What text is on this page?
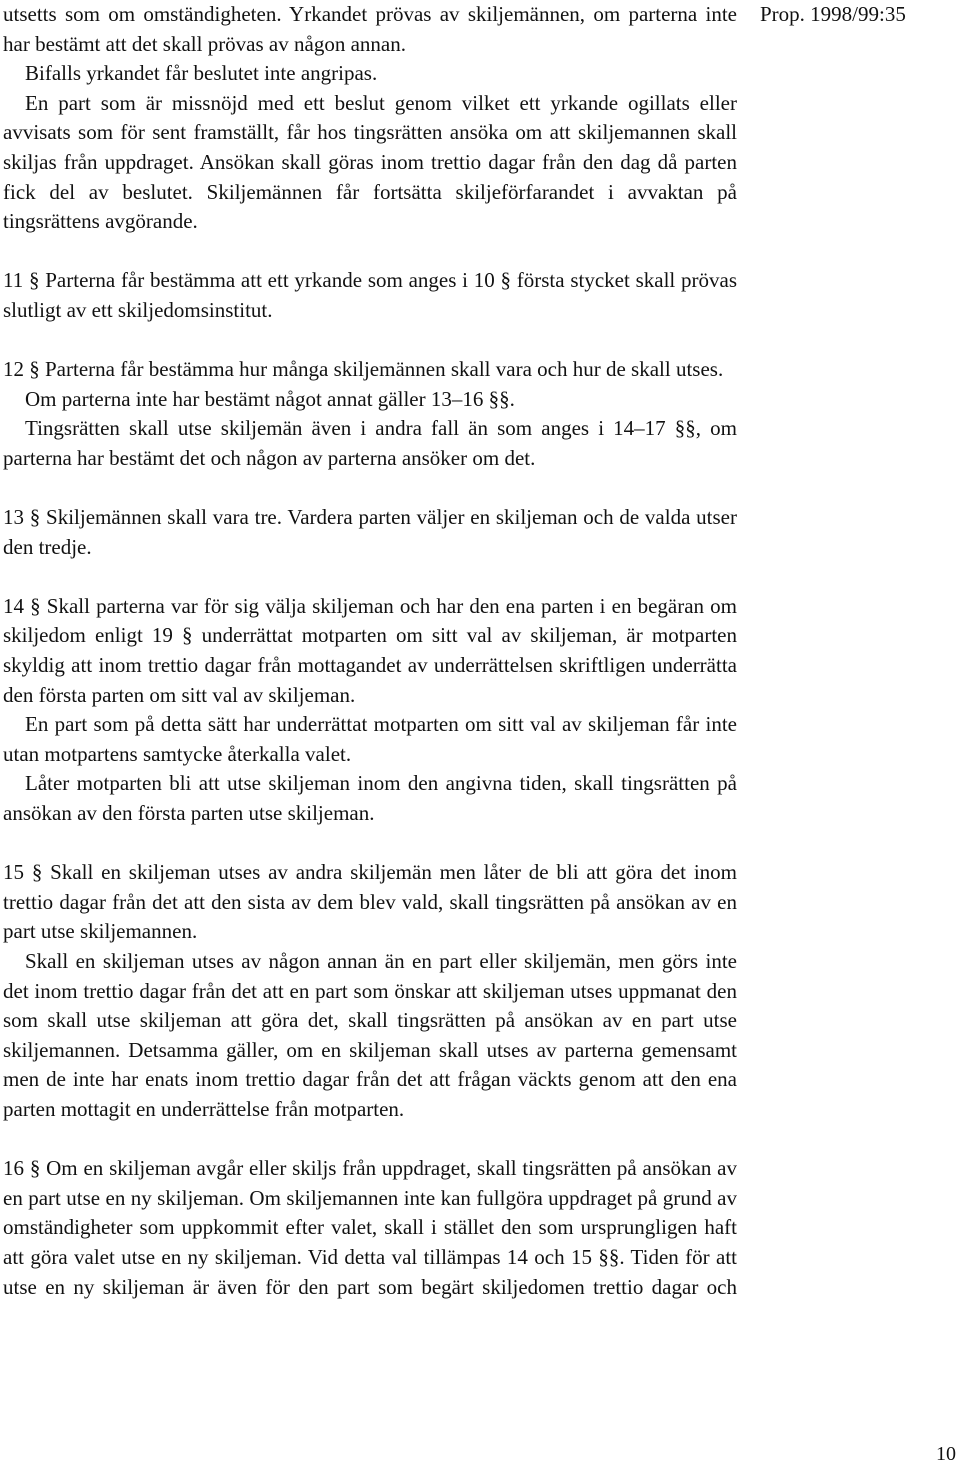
utsetts som om omständigheten. Yrkandet prövas av skiljemännen, om parterna inte har bestämt att det skall prövas av någon annan.

Bifalls yrkandet får beslutet inte angripas.

En part som är missnöjd med ett beslut genom vilket ett yrkande ogillats eller avvisats som för sent framställt, får hos tingsrätten ansöka om att skiljemannen skall skiljas från uppdraget. Ansökan skall göras inom trettio dagar från den dag då parten fick del av beslutet. Skiljemännen får fortsätta skiljeförfarandet i avvaktan på tingsrättens avgörande.

11 § Parterna får bestämma att ett yrkande som anges i 10 § första stycket skall prövas slutligt av ett skiljedomsinstitut.

12 § Parterna får bestämma hur många skiljemännen skall vara och hur de skall utses.

Om parterna inte har bestämt något annat gäller 13–16 §§.

Tingsrätten skall utse skiljemän även i andra fall än som anges i 14–17 §§, om parterna har bestämt det och någon av parterna ansöker om det.

13 § Skiljemännen skall vara tre. Vardera parten väljer en skiljeman och de valda utser den tredje.

14 § Skall parterna var för sig välja skiljeman och har den ena parten i en begäran om skiljedom enligt 19 § underrättat motparten om sitt val av skiljeman, är motparten skyldig att inom trettio dagar från mottagandet av underrättelsen skriftligen underrätta den första parten om sitt val av skiljeman.

En part som på detta sätt har underrättat motparten om sitt val av skiljeman får inte utan motpartens samtycke återkalla valet.

Låter motparten bli att utse skiljeman inom den angivna tiden, skall tingsrätten på ansökan av den första parten utse skiljeman.

15 § Skall en skiljeman utses av andra skiljemän men låter de bli att göra det inom trettio dagar från det att den sista av dem blev vald, skall tingsrätten på ansökan av en part utse skiljemannen.

Skall en skiljeman utses av någon annan än en part eller skiljemän, men görs inte det inom trettio dagar från det att en part som önskar att skiljeman utses uppmanat den som skall utse skiljeman att göra det, skall tingsrätten på ansökan av en part utse skiljemannen. Detsamma gäller, om en skiljeman skall utses av parterna gemensamt men de inte har enats inom trettio dagar från det att frågan väckts genom att den ena parten mottagit en underrättelse från motparten.

16 § Om en skiljeman avgår eller skiljs från uppdraget, skall tingsrätten på ansökan av en part utse en ny skiljeman. Om skiljemannen inte kan fullgöra uppdraget på grund av omständigheter som uppkommit efter valet, skall i stället den som ursprungligen haft att göra valet utse en ny skiljeman. Vid detta val tillämpas 14 och 15 §§. Tiden för att utse en ny skiljeman är även för den part som begärt skiljedomen trettio dagar och

Prop. 1998/99:35
10
